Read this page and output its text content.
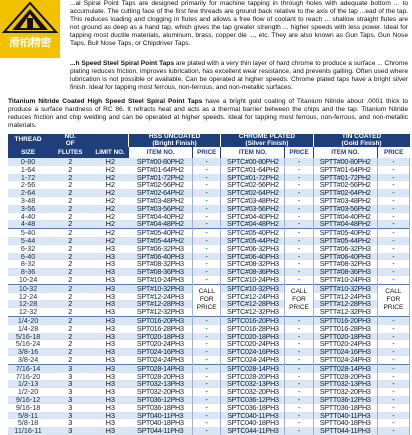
滑柏精密

...al Spiral Point Taps are designed primarily for machine tapping in through holes with adequate bottom ... to accumulate. The cutting face of the first few threads are ground back relative to the axis of the tap ...ead of the tap. This reduces loading and clogging in flutes and allows a free flow of coolant to reach ... shallow straight flutes are not ground as deep as a hand tap, which gives the tap greater strength ... higher speeds with less power. Ideal for tapping most ductile materials, aluminum, brass, copper die ..., etc. They are also known as Gun Taps, Gun Nose Taps, Bull Nose Taps, or Chipdriver Taps.

...h Speed Steel Spiral Point Taps are plated with a very thin layer of hard chrome to produce a surface ... Chrome plating reduces friction, improves lubrication, has excellent wear resistance, and prevents galling. Often used where lubrication is not possible or available. Can be operated at higher speeds. Chrome plated taps have a bright silver finish. Ideal for tapping most ferrous, non-ferrous, and non-metallic surfaces.

Titanium Nitride Coated High Speed Steel Spiral Point Taps have a bright gold coating of Titanium Nitride about .0001 thick to produce a surface hardness of RC 86. It refracts heat and acts as a thermal barrier between the chips and the tap. Titanium Nitride reduces friction and chip welding and can be operated at higher speeds. Ideal for tapping most ferrous, non-ferrous, and non-metallic materials.

THREAD	NO.
OF		HSS UNCOATED
(Bright Finish)		CHROME PLATED
(Silver Finish)		TIN COATED
(Gold Finish)	
SIZE	FLUTES	LIMIT NO.	ITEM NO.	PRICE	ITEM NO.	PRICE	ITEM NO.	PRICE
0-80	2	H2	SPT#00-80PH2	-	SPTC#00-80PH2	-	SPTT#00-80PH2	-
1-64	2	H2	SPT#01-64PH2	-	SPTC#01-64PH2	-	SPTT#01-64PH2	-
1-72	2	H2	SPT#01-72PH2	-	SPTC#01-72PH2	-	SPTT#01-72PH2	-
2-56	2	H2	SPT#02-56PH2	-	SPTC#02-56PH2	-	SPTT#02-56PH2	-
2-64	2	H2	SPT#02-64PH2	-	SPTC#02-64PH2	-	SPTT#02-64PH2	-
3-48	2	H2	SPT#03-48PH2	-	SPTC#03-48PH2	-	SPTT#03-48PH2	-
3-56	2	H2	SPT#03-56PH2	-	SPTC#03-56PH2	-	SPTT#03-56PH2	-
4-40	2	H2	SPT#04-40PH2	-	SPTC#04-40PH2	-	SPTT#04-40PH2	-
4-48	2	H2	SPT#04-48PH2	-	SPTC#04-48PH2	-	SPTT#04-48PH2	-
5-40	2	H2	SPT#05-40PH2	-	SPTC#05-40PH2	-	SPTT#05-40PH2	-
5-44	2	H2	SPT#05-44PH2	-	SPTC#05-44PH2	-	SPTT#05-44PH2	-
6-32	2	H3	SPT#06-32PH3	-	SPTC#06-32PH3	-	SPTT#06-32PH3	-
6-40	2	H3	SPT#06-40PH3	-	SPTC#06-40PH3	-	SPTT#06-40PH3	-
8-32	2	H3	SPT#08-32PH3	-	SPTC#08-32PH3	-	SPTT#08-32PH3	-
8-36	2	H3	SPT#08-36PH3	-	SPTC#08-36PH3	-	SPTT#08-36PH3	-
10-24	2	H3	SPT#10-24PH3	-	SPTC#10-24PH3	-	SPTT#10-24PH3	-
10-32	2	H3	SPT#10-32PH3	CALL FOR PRICE	SPTC#10-32PH3	CALL FOR PRICE	SPTT#10-32PH3	CALL FOR PRICE
12-24	2	H3	SPT#12-24PH3		SPTC#12-24PH3		SPTT#12-24PH3	
12-28	2	H3	SPT#12-28PH3		SPTC#12-28PH3		SPTT#12-28PH3	
12-32	2	H3	SPT#12-32PH3		SPTC#12-32PH3		SPTT#12-32PH3	
1/4-20	2	H3	SPT016-20PH3	-	SPTC016-20PH3	-	SPTT016-20PH3	-
1/4-28	2	H3	SPT016-28PH3	-	SPTC016-28PH3	-	SPTT016-28PH3	-
5/16-18	2	H3	SPT020-18PH3	-	SPTC020-18PH3	-	SPTT020-18PH3	-
5/16-24	2	H3	SPT020-24PH3	-	SPTC020-24PH3	-	SPTT020-24PH3	-
3/8-16	2	H3	SPT024-16PH3	-	SPTC024-16PH3	-	SPTT024-16PH3	-
3/8-24	2	H3	SPT024-24PH3	-	SPTC024-24PH3	-	SPTT024-24PH3	-
7/16-14	3	H3	SPT028-14PH3	-	SPTC028-14PH3	-	SPTT028-14PH3	-
7/16-20	3	H3	SPT028-20PH3	-	SPTC028-20PH3	-	SPTT028-20PH3	-
1/2-13	3	H3	SPT032-13PH3	-	SPTC032-13PH3	-	SPTT032-13PH3	-
1/2-20	3	H3	SPT032-20PH3	-	SPTC032-20PH3	-	SPTT032-20PH3	-
9/16-12	3	H3	SPT036-12PH3	-	SPTC036-12PH3	-	SPTT036-12PH3	-
9/16-18	3	H3	SPT036-18PH3	-	SPTC036-18PH3	-	SPTT036-18PH3	-
5/8-11	3	H3	SPT040-11PH3	-	SPTC040-11PH3	-	SPTT040-11PH3	-
5/8-18	3	H3	SPT040-18PH3	-	SPTC040-18PH3	-	SPTT040-18PH3	-
11/16-11	3	H3	SPT044-11PH3	-	SPTC044-11PH3	-	SPTT044-11PH3	-
